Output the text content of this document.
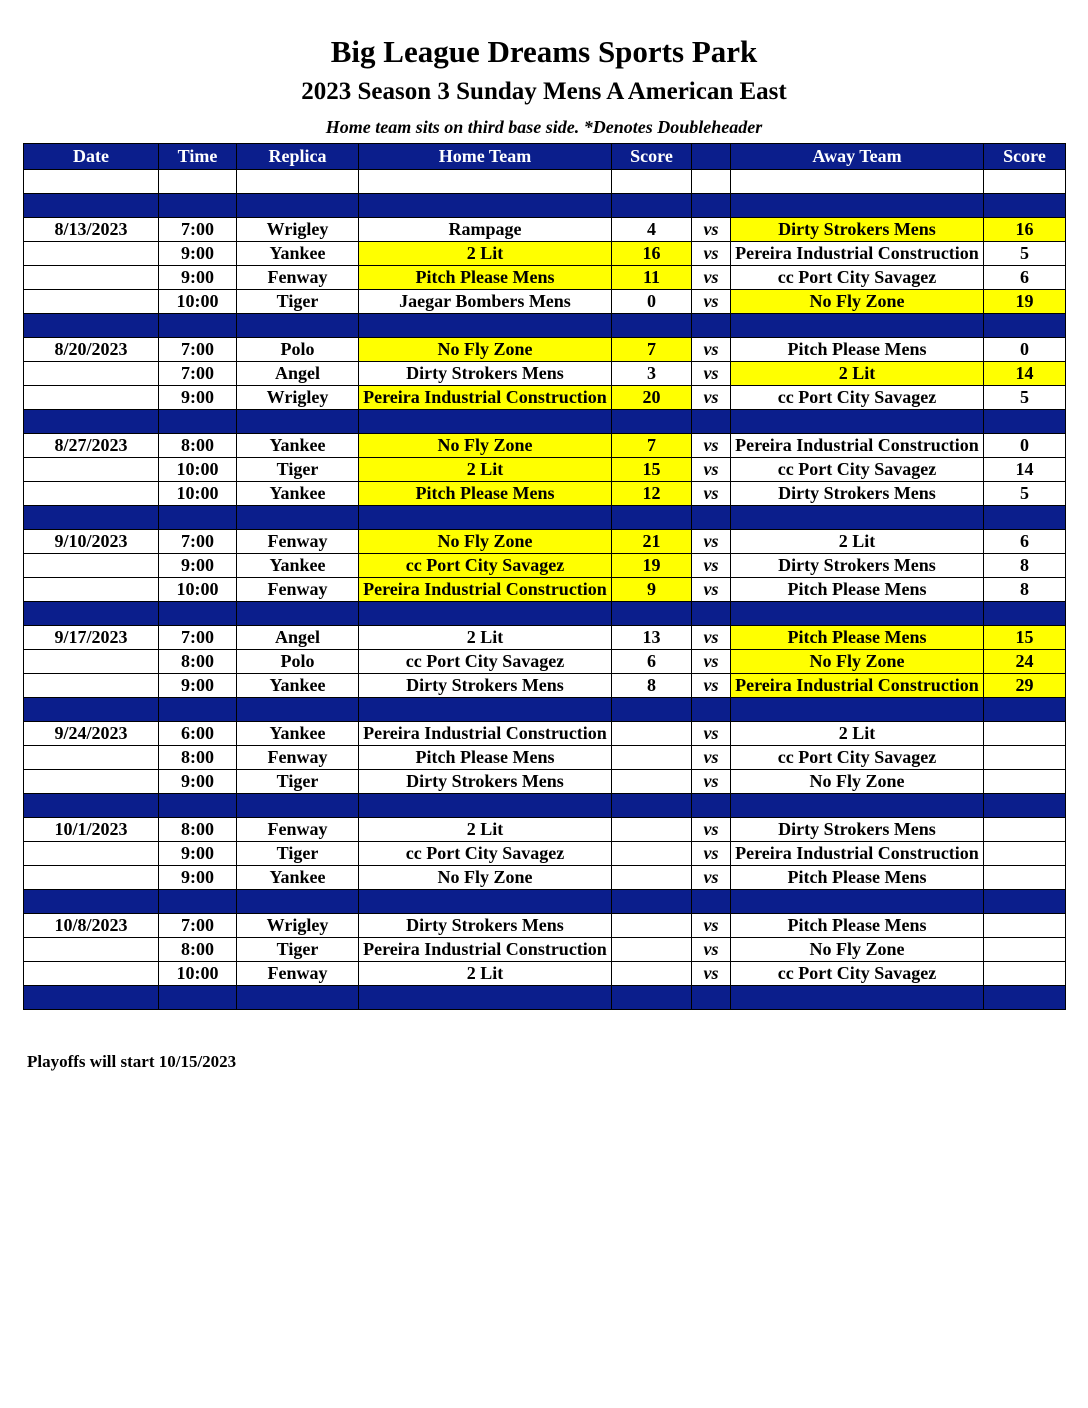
Big League Dreams Sports Park
2023 Season 3 Sunday Mens A American East
Home team sits on third base side. *Denotes Doubleheader
Date	Time	Replica	Home Team	Score		Away Team	Score

8/13/2023	7:00	Wrigley	Rampage	4	vs	Dirty Strokers Mens	16
	9:00	Yankee	2 Lit	16	vs	Pereira Industrial Construction	5
	9:00	Fenway	Pitch Please Mens	11	vs	cc Port City Savagez	6
	10:00	Tiger	Jaegar Bombers Mens	0	vs	No Fly Zone	19

8/20/2023	7:00	Polo	No Fly Zone	7	vs	Pitch Please Mens	0
	7:00	Angel	Dirty Strokers Mens	3	vs	2 Lit	14
	9:00	Wrigley	Pereira Industrial Construction	20	vs	cc Port City Savagez	5

8/27/2023	8:00	Yankee	No Fly Zone	7	vs	Pereira Industrial Construction	0
	10:00	Tiger	2 Lit	15	vs	cc Port City Savagez	14
	10:00	Yankee	Pitch Please Mens	12	vs	Dirty Strokers Mens	5

9/10/2023	7:00	Fenway	No Fly Zone	21	vs	2 Lit	6
	9:00	Yankee	cc Port City Savagez	19	vs	Dirty Strokers Mens	8
	10:00	Fenway	Pereira Industrial Construction	9	vs	Pitch Please Mens	8

9/17/2023	7:00	Angel	2 Lit	13	vs	Pitch Please Mens	15
	8:00	Polo	cc Port City Savagez	6	vs	No Fly Zone	24
	9:00	Yankee	Dirty Strokers Mens	8	vs	Pereira Industrial Construction	29

9/24/2023	6:00	Yankee	Pereira Industrial Construction		vs	2 Lit	
	8:00	Fenway	Pitch Please Mens		vs	cc Port City Savagez	
	9:00	Tiger	Dirty Strokers Mens		vs	No Fly Zone	

10/1/2023	8:00	Fenway	2 Lit		vs	Dirty Strokers Mens	
	9:00	Tiger	cc Port City Savagez		vs	Pereira Industrial Construction	
	9:00	Yankee	No Fly Zone		vs	Pitch Please Mens	

10/8/2023	7:00	Wrigley	Dirty Strokers Mens		vs	Pitch Please Mens	
	8:00	Tiger	Pereira Industrial Construction		vs	No Fly Zone	
	10:00	Fenway	2 Lit		vs	cc Port City Savagez	

Playoffs will start 10/15/2023
